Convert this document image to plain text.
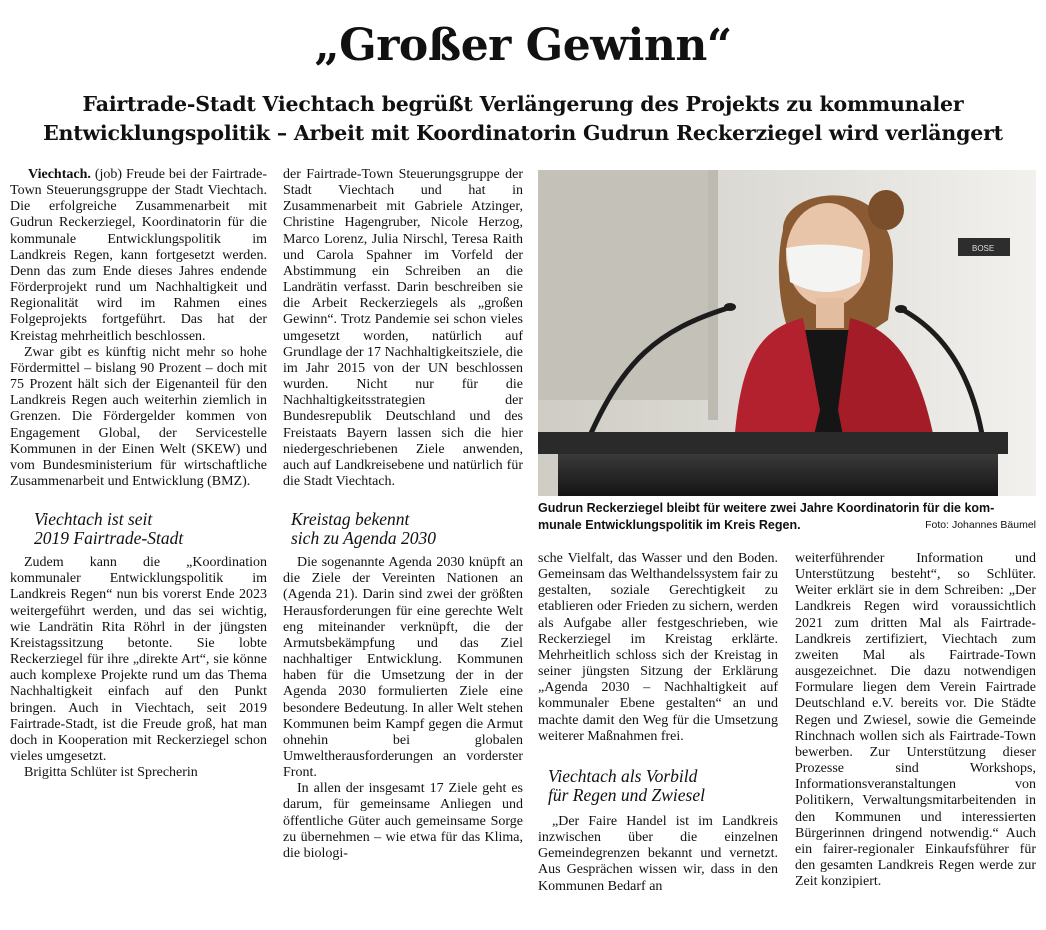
„Großer Gewinn“
Fairtrade-Stadt Viechtach begrüßt Verlängerung des Projekts zu kommunaler
Entwicklungspolitik – Arbeit mit Koordinatorin Gudrun Reckerziegel wird verlängert

Viechtach. (job) Freude bei der Fairtrade-Town Steuerungsgruppe der Stadt Viechtach. Die erfolgreiche Zusammenarbeit mit Gudrun Reckerziegel, Koordinatorin für die kommunale Entwicklungspolitik im Landkreis Regen, kann fortgesetzt werden. Denn das zum Ende dieses Jahres endende Förderprojekt rund um Nachhaltigkeit und Regionalität wird im Rahmen eines Folgeprojekts fortgeführt. Das hat der Kreistag mehrheitlich beschlossen.

Zwar gibt es künftig nicht mehr so hohe Fördermittel – bislang 90 Prozent – doch mit 75 Prozent hält sich der Eigenanteil für den Landkreis Regen auch weiterhin ziemlich in Grenzen. Die Fördergelder kommen von Engagement Global, der Servicestelle Kommunen in der Einen Welt (SKEW) und vom Bundesministerium für wirtschaftliche Zusammenarbeit und Entwicklung (BMZ).

Viechtach ist seit
2019 Fairtrade-Stadt

Zudem kann die „Koordination kommunaler Entwicklungspolitik im Landkreis Regen“ nun bis vorerst Ende 2023 weitergeführt werden, und das sei wichtig, wie Landrätin Rita Röhrl in der jüngsten Kreistagssitzung betonte. Sie lobte Reckerziegel für ihre „direkte Art“, sie könne auch komplexe Projekte rund um das Thema Nachhaltigkeit einfach auf den Punkt bringen. Auch in Viechtach, seit 2019 Fairtrade-Stadt, ist die Freude groß, hat man doch in Kooperation mit Reckerziegel schon vieles umgesetzt.

Brigitta Schlüter ist Sprecherin

der Fairtrade-Town Steuerungsgruppe der Stadt Viechtach und hat in Zusammenarbeit mit Gabriele Atzinger, Christine Hagengruber, Nicole Herzog, Marco Lorenz, Julia Nirschl, Teresa Raith und Carola Spahner im Vorfeld der Abstimmung ein Schreiben an die Landrätin verfasst. Darin beschreiben sie die Arbeit Reckerziegels als „großen Gewinn“. Trotz Pandemie sei schon vieles umgesetzt worden, natürlich auf Grundlage der 17 Nachhaltigkeitsziele, die im Jahr 2015 von der UN beschlossen wurden. Nicht nur für die Nachhaltigkeitsstrategien der Bundesrepublik Deutschland und des Freistaats Bayern lassen sich die hier niedergeschriebenen Ziele anwenden, auch auf Landkreisebene und natürlich für die Stadt Viechtach.

Kreistag bekennt
sich zu Agenda 2030

Die sogenannte Agenda 2030 knüpft an die Ziele der Vereinten Nationen an (Agenda 21). Darin sind zwei der größten Herausforderungen für eine gerechte Welt eng miteinander verknüpft, die der Armutsbekämpfung und das Ziel nachhaltiger Entwicklung. Kommunen haben für die Umsetzung der in der Agenda 2030 formulierten Ziele eine besondere Bedeutung. In aller Welt stehen Kommunen beim Kampf gegen die Armut ohnehin bei globalen Umweltherausforderungen an vorderster Front.

In allen der insgesamt 17 Ziele geht es darum, für gemeinsame Anliegen und öffentliche Güter auch gemeinsame Sorge zu übernehmen – wie etwa für das Klima, die biologi-

BOSE
Gudrun Reckerziegel bleibt für weitere zwei Jahre Koordinatorin für die kom-
munale Entwicklungspolitik im Kreis Regen.	Foto: Johannes Bäumel

sche Vielfalt, das Wasser und den Boden. Gemeinsam das Welthandelssystem fair zu gestalten, soziale Gerechtigkeit zu etablieren oder Frieden zu sichern, werden als Aufgabe aller festgeschrieben, wie Reckerziegel im Kreistag erklärte. Mehrheitlich schloss sich der Kreistag in seiner jüngsten Sitzung der Erklärung „Agenda 2030 – Nachhaltigkeit auf kommunaler Ebene gestalten“ an und machte damit den Weg für die Umsetzung weiterer Maßnahmen frei.

Viechtach als Vorbild
für Regen und Zwiesel

„Der Faire Handel ist im Landkreis inzwischen über die einzelnen Gemeindegrenzen bekannt und vernetzt. Aus Gesprächen wissen wir, dass in den Kommunen Bedarf an

weiterführender Information und Unterstützung besteht“, so Schlüter. Weiter erklärt sie in dem Schreiben: „Der Landkreis Regen wird voraussichtlich 2021 zum dritten Mal als Fairtrade-Landkreis zertifiziert, Viechtach zum zweiten Mal als Fairtrade-Town ausgezeichnet. Die dazu notwendigen Formulare liegen dem Verein Fairtrade Deutschland e.V. bereits vor. Die Städte Regen und Zwiesel, sowie die Gemeinde Rinchnach wollen sich als Fairtrade-Town bewerben. Zur Unterstützung dieser Prozesse sind Workshops, Informationsveranstaltungen von Politikern, Verwaltungsmitarbeitenden in den Kommunen und interessierten Bürgerinnen dringend notwendig.“ Auch ein fairer-regionaler Einkaufsführer für den gesamten Landkreis Regen werde zur Zeit konzipiert.
